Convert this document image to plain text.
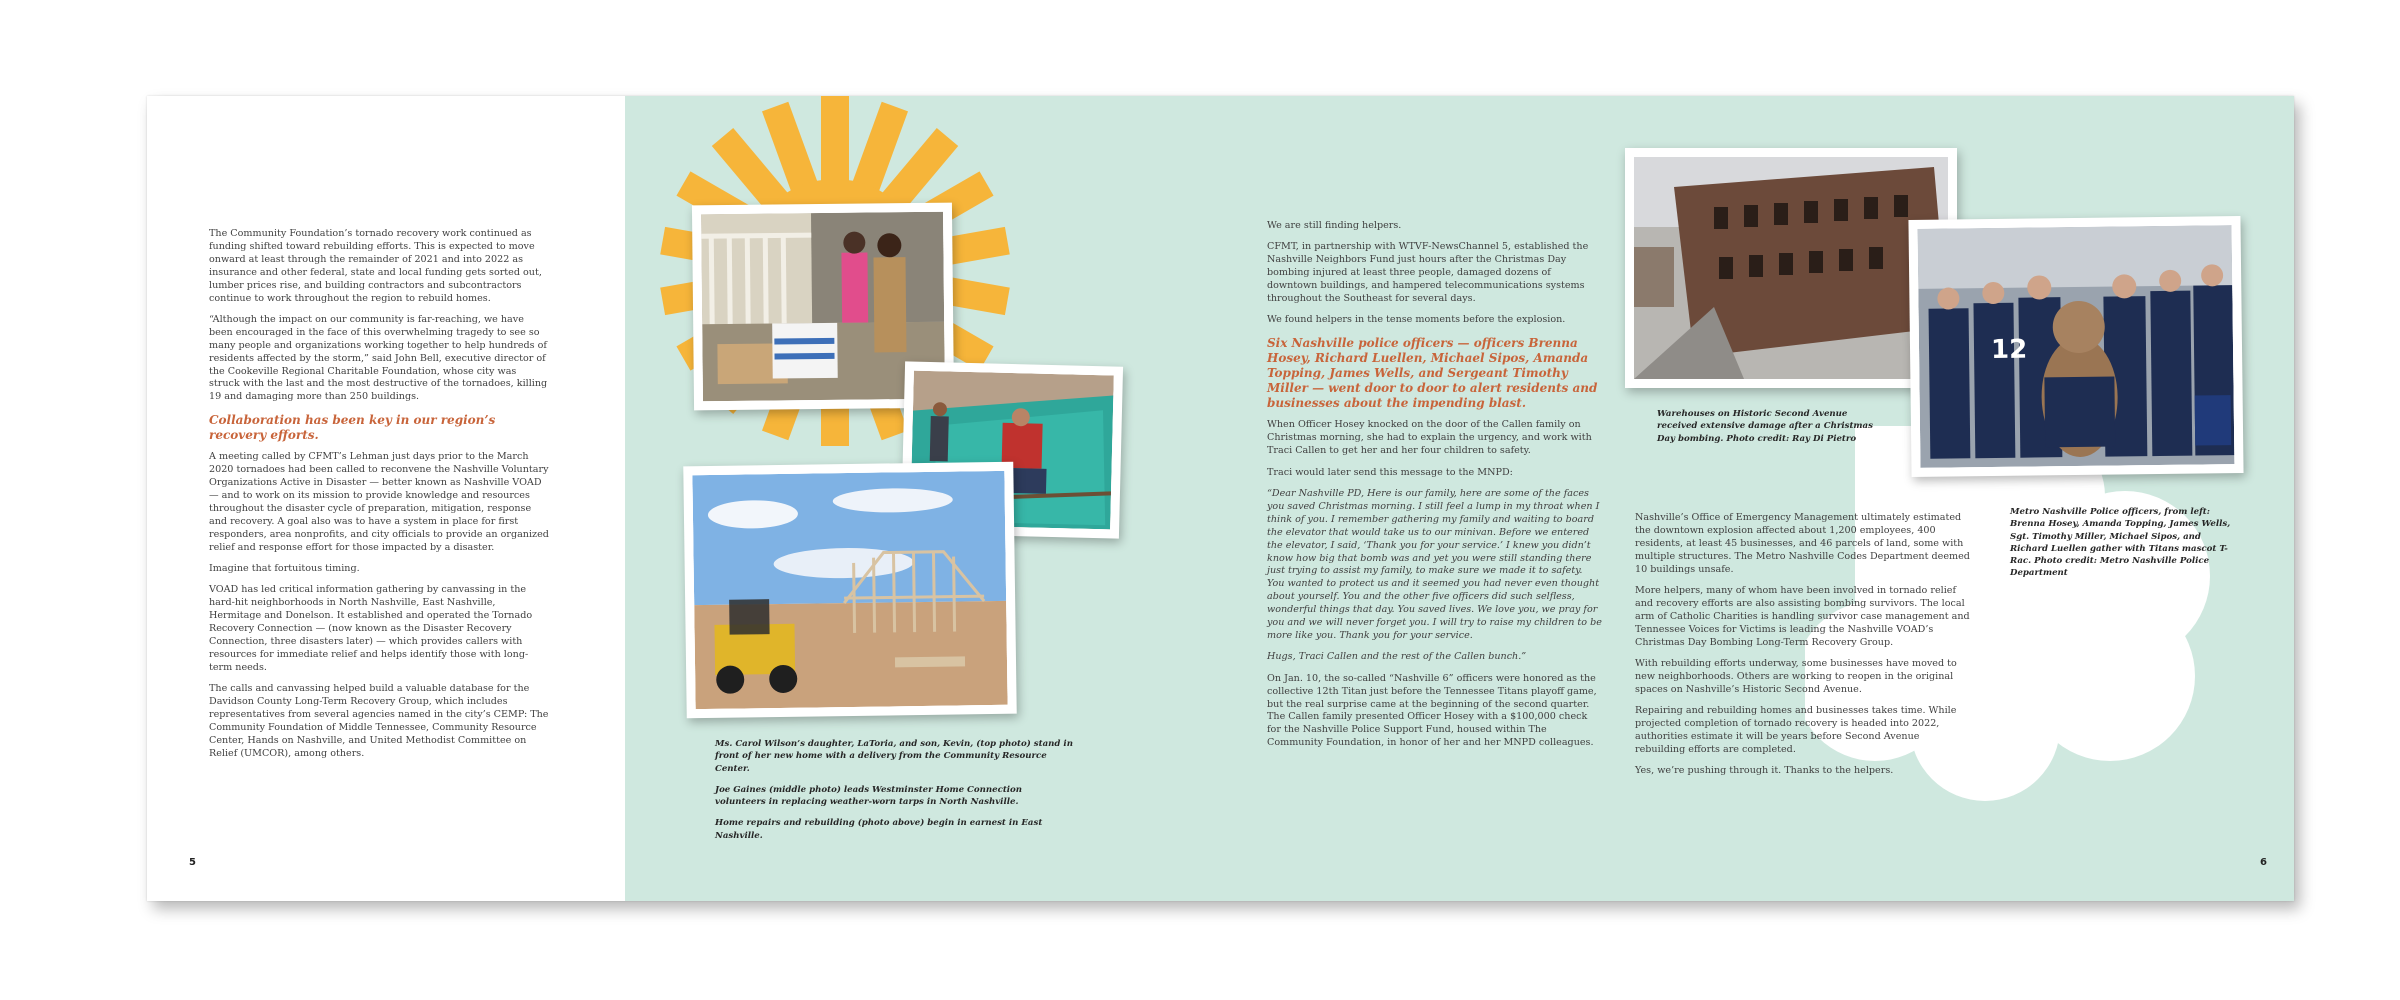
The Community Foundation’s tornado recovery work continued as funding shifted toward rebuilding efforts. This is expected to move onward at least through the remainder of 2021 and into 2022 as insurance and other federal, state and local funding gets sorted out, lumber prices rise, and building contractors and subcontractors continue to work throughout the region to rebuild homes.

“Although the impact on our community is far-reaching, we have been encouraged in the face of this overwhelming tragedy to see so many people and organizations working together to help hundreds of residents affected by the storm,” said John Bell, executive director of the Cookeville Regional Charitable Foundation, whose city was struck with the last and the most destructive of the tornadoes, killing 19 and damaging more than 250 buildings.

Collaboration has been key in our region’s recovery efforts.

A meeting called by CFMT’s Lehman just days prior to the March 2020 tornadoes had been called to reconvene the Nashville Voluntary Organizations Active in Disaster — better known as Nashville VOAD — and to work on its mission to provide knowledge and resources throughout the disaster cycle of preparation, mitigation, response and recovery. A goal also was to have a system in place for first responders, area nonprofits, and city officials to provide an organized relief and response effort for those impacted by a disaster.

Imagine that fortuitous timing.

VOAD has led critical information gathering by canvassing in the hard-hit neighborhoods in North Nashville, East Nashville, Hermitage and Donelson. It established and operated the Tornado Recovery Connection — (now known as the Disaster Recovery Connection, three disasters later) — which provides callers with resources for immediate relief and helps identify those with long-term needs.

The calls and canvassing helped build a valuable database for the Davidson County Long-Term Recovery Group, which includes representatives from several agencies named in the city’s CEMP: The Community Foundation of Middle Tennessee, Community Resource Center, Hands on Nashville, and United Methodist Committee on Relief (UMCOR), among others.

5

Ms. Carol Wilson’s daughter, LaToria, and son, Kevin, (top photo) stand in front of her new home with a delivery from the Community Resource Center.

Joe Gaines (middle photo) leads Westminster Home Connection volunteers in replacing weather-worn tarps in North Nashville.

Home repairs and rebuilding (photo above) begin in earnest in East Nashville.

We are still finding helpers.

CFMT, in partnership with WTVF-NewsChannel 5, established the Nashville Neighbors Fund just hours after the Christmas Day bombing injured at least three people, damaged dozens of downtown buildings, and hampered telecommunications systems throughout the Southeast for several days.

We found helpers in the tense moments before the explosion.

Six Nashville police officers — officers Brenna Hosey, Richard Luellen, Michael Sipos, Amanda Topping, James Wells, and Sergeant Timothy Miller — went door to door to alert residents and businesses about the impending blast.

When Officer Hosey knocked on the door of the Callen family on Christmas morning, she had to explain the urgency, and work with Traci Callen to get her and her four children to safety.

Traci would later send this message to the MNPD:

“Dear Nashville PD, Here is our family, here are some of the faces you saved Christmas morning. I still feel a lump in my throat when I think of you. I remember gathering my family and waiting to board the elevator that would take us to our minivan. Before we entered the elevator, I said, ‘Thank you for your service.’ I knew you didn’t know how big that bomb was and yet you were still standing there just trying to assist my family, to make sure we made it to safety. You wanted to protect us and it seemed you had never even thought about yourself. You and the other five officers did such selfless, wonderful things that day. You saved lives. We love you, we pray for you and we will never forget you. I will try to raise my children to be more like you. Thank you for your service.

Hugs, Traci Callen and the rest of the Callen bunch.”

On Jan. 10, the so-called “Nashville 6” officers were honored as the collective 12th Titan just before the Tennessee Titans playoff game, but the real surprise came at the beginning of the second quarter. The Callen family presented Officer Hosey with a $100,000 check for the Nashville Police Support Fund, housed within The Community Foundation, in honor of her and her MNPD colleagues.

Warehouses on Historic Second Avenue received extensive damage after a Christmas Day bombing. Photo credit: Ray Di Pietro
12
Metro Nashville Police officers, from left: Brenna Hosey, Amanda Topping, James Wells, Sgt. Timothy Miller, Michael Sipos, and Richard Luellen gather with Titans mascot T-Rac. Photo credit: Metro Nashville Police Department

Nashville’s Office of Emergency Management ultimately estimated the downtown explosion affected about 1,200 employees, 400 residents, at least 45 businesses, and 46 parcels of land, some with multiple structures. The Metro Nashville Codes Department deemed 10 buildings unsafe.

More helpers, many of whom have been involved in tornado relief and recovery efforts are also assisting bombing survivors. The local arm of Catholic Charities is handling survivor case management and Tennessee Voices for Victims is leading the Nashville VOAD’s Christmas Day Bombing Long-Term Recovery Group.

With rebuilding efforts underway, some businesses have moved to new neighborhoods. Others are working to reopen in the original spaces on Nashville’s Historic Second Avenue.

Repairing and rebuilding homes and businesses takes time. While projected completion of tornado recovery is headed into 2022, authorities estimate it will be years before Second Avenue rebuilding efforts are completed.

Yes, we’re pushing through it. Thanks to the helpers.

6
